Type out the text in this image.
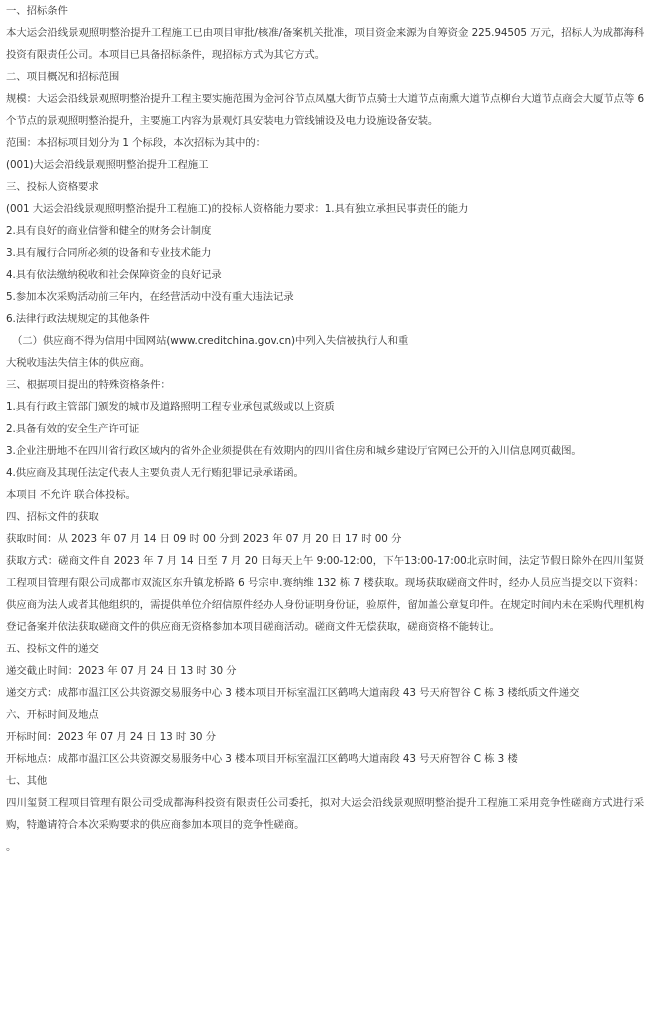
一、招标条件

本大运会沿线景观照明整治提升工程施工已由项目审批/核准/备案机关批准，项目资金来源为自筹资金 225.94505 万元，招标人为成都海科投资有限责任公司。本项目已具备招标条件，现招标方式为其它方式。

二、项目概况和招标范围

规模：大运会沿线景观照明整治提升工程主要实施范围为金河谷节点凤凰大街节点骑士大道节点南熏大道节点柳台大道节点商会大厦节点等 6 个节点的景观照明整治提升，主要施工内容为景观灯具安装电力管线铺设及电力设施设备安装。

范围：本招标项目划分为 1 个标段，本次招标为其中的：

(001)大运会沿线景观照明整治提升工程施工

三、投标人资格要求

(001 大运会沿线景观照明整治提升工程施工)的投标人资格能力要求：1.具有独立承担民事责任的能力

2.具有良好的商业信誉和健全的财务会计制度

3.具有履行合同所必须的设备和专业技术能力

4.具有依法缴纳税收和社会保障资金的良好记录

5.参加本次采购活动前三年内，在经营活动中没有重大违法记录

6.法律行政法规规定的其他条件

（二）供应商不得为信用中国网站(www.creditchina.gov.cn)中列入失信被执行人和重

大税收违法失信主体的供应商。

三、根据项目提出的特殊资格条件：

1.具有行政主管部门颁发的城市及道路照明工程专业承包贰级或以上资质

2.具备有效的安全生产许可证

3.企业注册地不在四川省行政区域内的省外企业须提供在有效期内的四川省住房和城乡建设厅官网已公开的入川信息网页截图。

4.供应商及其现任法定代表人主要负责人无行贿犯罪记录承诺函。

本项目 不允许 联合体投标。

四、招标文件的获取

获取时间：从 2023 年 07 月 14 日 09 时 00 分到 2023 年 07 月 20 日 17 时 00 分

获取方式：磋商文件自 2023 年 7 月 14 日至 7 月 20 日每天上午 9:00-12:00，下午13:00-17:00北京时间，法定节假日除外在四川玺贤工程项目管理有限公司成都市双流区东升镇龙桥路 6 号宗申.赛纳维 132 栋 7 楼获取。现场获取磋商文件时，经办人员应当提交以下资料：供应商为法人或者其他组织的，需提供单位介绍信原件经办人身份证明身份证，验原件，留加盖公章复印件。在规定时间内未在采购代理机构登记备案并依法获取磋商文件的供应商无资格参加本项目磋商活动。磋商文件无偿获取，磋商资格不能转让。

五、投标文件的递交

递交截止时间：2023 年 07 月 24 日 13 时 30 分

递交方式：成都市温江区公共资源交易服务中心 3 楼本项目开标室温江区鹤鸣大道南段 43 号天府智谷 C 栋 3 楼纸质文件递交

六、开标时间及地点

开标时间：2023 年 07 月 24 日 13 时 30 分

开标地点：成都市温江区公共资源交易服务中心 3 楼本项目开标室温江区鹤鸣大道南段 43 号天府智谷 C 栋 3 楼

七、其他

四川玺贤工程项目管理有限公司受成都海科投资有限责任公司委托，拟对大运会沿线景观照明整治提升工程施工采用竞争性磋商方式进行采购，特邀请符合本次采购要求的供应商参加本项目的竞争性磋商。

。
